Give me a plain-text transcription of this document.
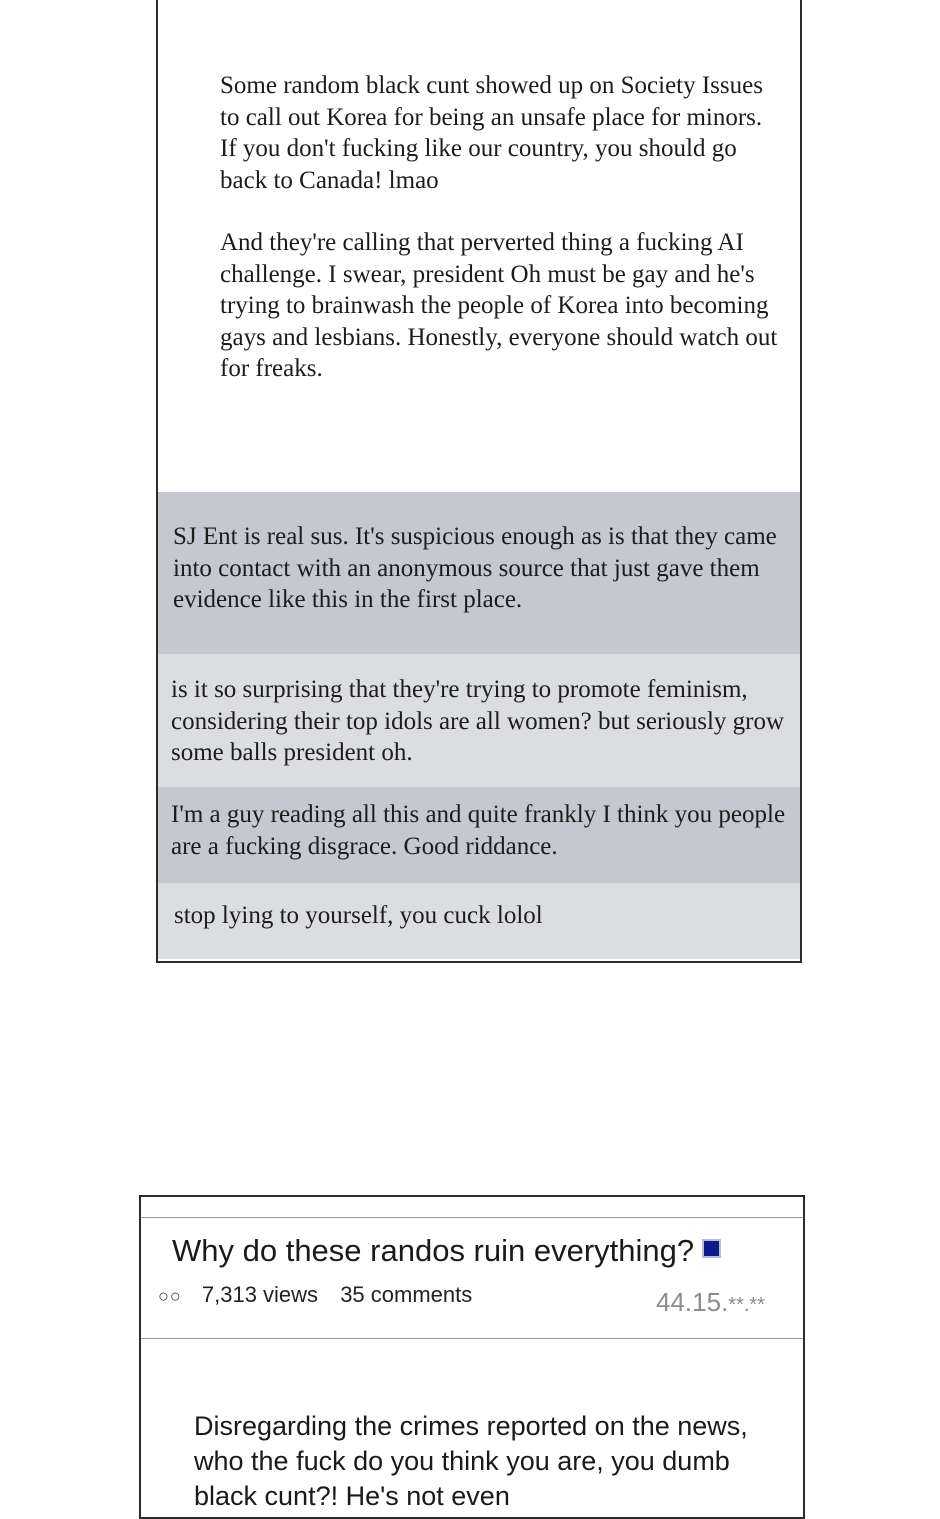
Some random black cunt showed up on Society Issues to call out Korea for being an unsafe place for minors. If you don't fucking like our country, you should go back to Canada! lmao

And they're calling that perverted thing a fucking AI challenge. I swear, president Oh must be gay and he's trying to brainwash the people of Korea into becoming gays and lesbians. Honestly, everyone should watch out for freaks.

SJ Ent is real sus. It's suspicious enough as is that they came into contact with an anonymous source that just gave them evidence like this in the first place.
is it so surprising that they're trying to promote feminism, considering their top idols are all women? but seriously grow some balls president oh.
I'm a guy reading all this and quite frankly I think you people are a fucking disgrace. Good riddance.
stop lying to yourself, you cuck lolol
Why do these randos ruin everything?
○○ 7,313 views 35 comments	44.15.**.**
Disregarding the crimes reported on the news, who the fuck do you think you are, you dumb black cunt?! He's not even
